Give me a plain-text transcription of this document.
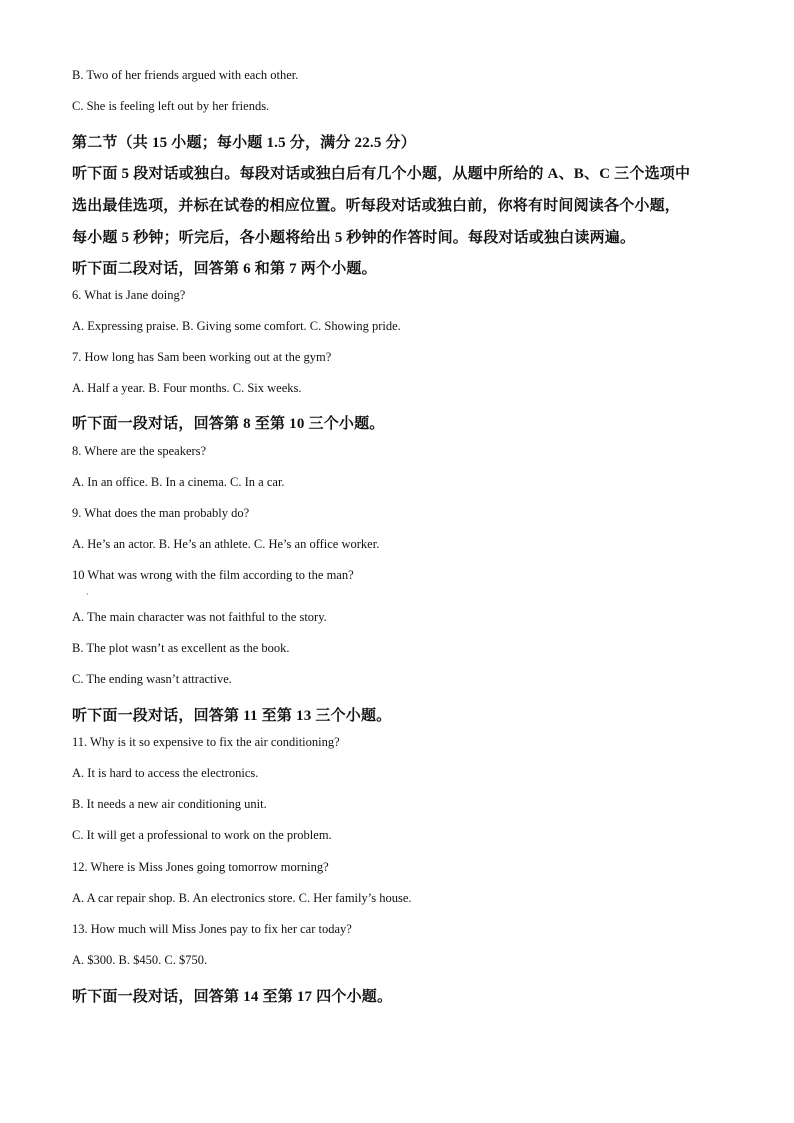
B. Two of her friends argued with each other.
C. She is feeling left out by her friends.
第二节（共 15 小题；每小题 1.5 分，满分 22.5 分）
听下面 5 段对话或独白。每段对话或独白后有几个小题，从题中所给的 A、B、C 三个选项中
选出最佳选项，并标在试卷的相应位置。听每段对话或独白前，你将有时间阅读各个小题，
每小题 5 秒钟；听完后，各小题将给出 5 秒钟的作答时间。每段对话或独白读两遍。
听下面二段对话，回答第 6 和第 7 两个小题。
6. What is Jane doing?
A. Expressing praise. B. Giving some comfort. C. Showing pride.
7. How long has Sam been working out at the gym?
A. Half a year. B. Four months. C. Six weeks.
听下面一段对话，回答第 8 至第 10 三个小题。
8. Where are the speakers?
A. In an office. B. In a cinema. C. In a car.
9. What does the man probably do?
A. He’s an actor. B. He’s an athlete. C. He’s an office worker.
10 What was wrong with the film according to the man?
A. The main character was not faithful to the story.
B. The plot wasn’t as excellent as the book.
C. The ending wasn’t attractive.
听下面一段对话，回答第 11 至第 13 三个小题。
11. Why is it so expensive to fix the air conditioning?
A. It is hard to access the electronics.
B. It needs a new air conditioning unit.
C. It will get a professional to work on the problem.
12. Where is Miss Jones going tomorrow morning?
A. A car repair shop. B. An electronics store. C. Her family’s house.
13. How much will Miss Jones pay to fix her car today?
A. $300. B. $450. C. $750.
听下面一段对话，回答第 14 至第 17 四个小题。
·
